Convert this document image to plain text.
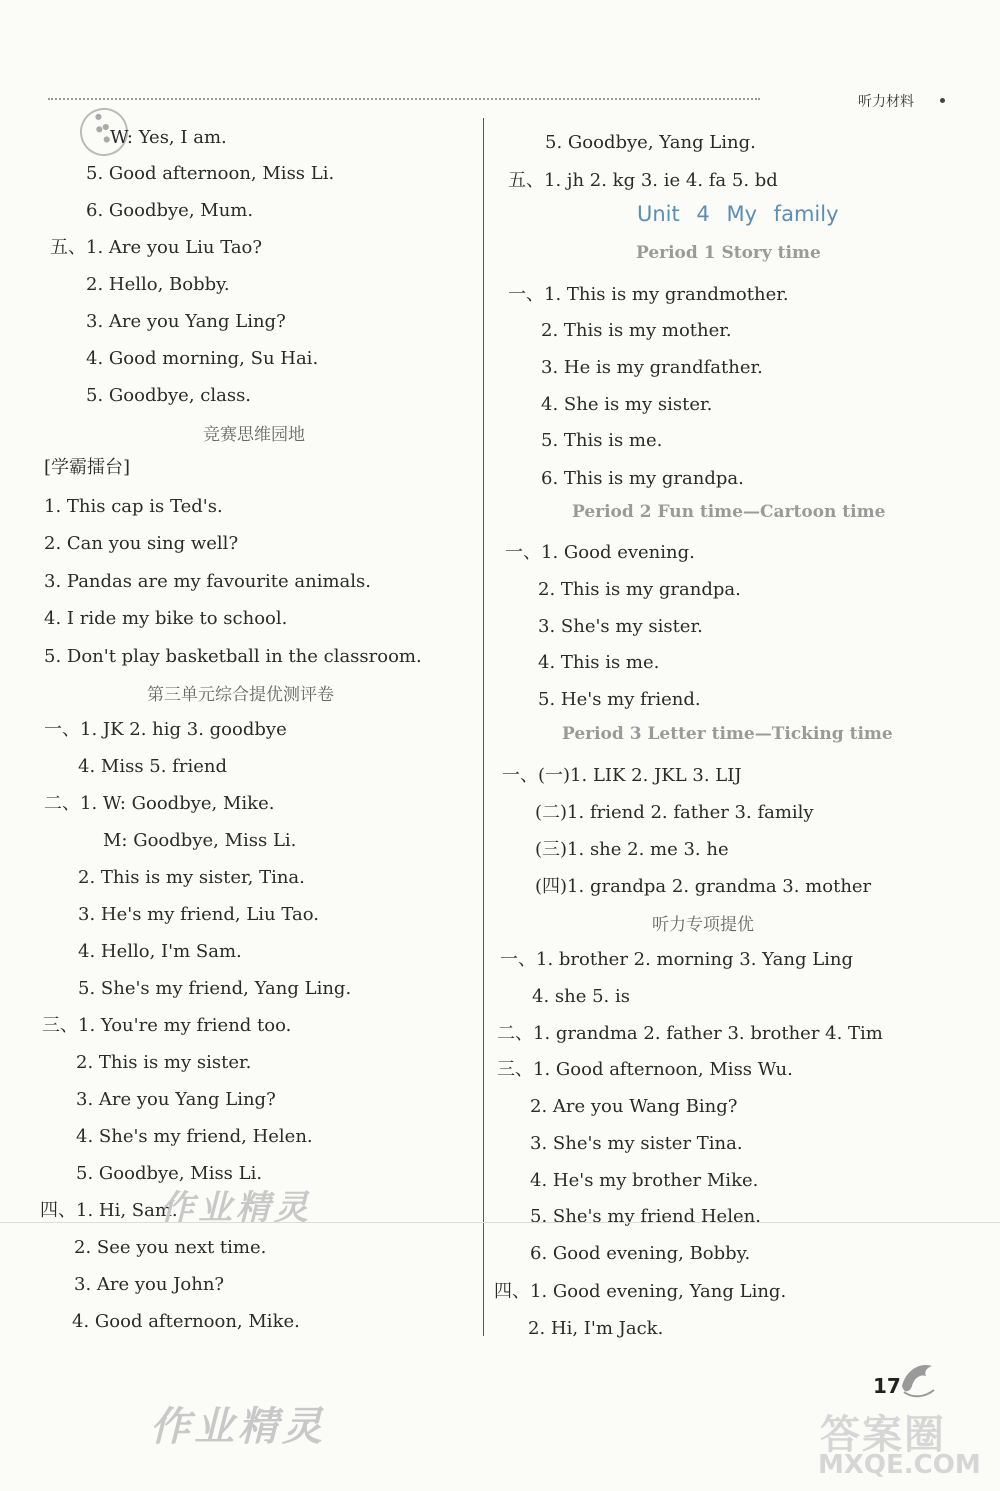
听力材料
●
●●
●
W: Yes, I am.
5. Good afternoon, Miss Li.
6. Goodbye, Mum.
五、1. Are you Liu Tao?
2. Hello, Bobby.
3. Are you Yang Ling?
4. Good morning, Su Hai.
5. Goodbye, class.
竞赛思维园地
[学霸擂台]
1. This cap is Ted's.
2. Can you sing well?
3. Pandas are my favourite animals.
4. I ride my bike to school.
5. Don't play basketball in the classroom.
第三单元综合提优测评卷
一、1. JK 2. hig 3. goodbye
4. Miss 5. friend
二、1. W: Goodbye, Mike.
M: Goodbye, Miss Li.
2. This is my sister, Tina.
3. He's my friend, Liu Tao.
4. Hello, I'm Sam.
5. She's my friend, Yang Ling.
三、1. You're my friend too.
2. This is my sister.
3. Are you Yang Ling?
4. She's my friend, Helen.
5. Goodbye, Miss Li.
四、1. Hi, Sam.
2. See you next time.
3. Are you John?
4. Good afternoon, Mike.
5. Goodbye, Yang Ling.
五、1. jh 2. kg 3. ie 4. fa 5. bd
Unit 4 My family
Period 1 Story time
一、1. This is my grandmother.
2. This is my mother.
3. He is my grandfather.
4. She is my sister.
5. This is me.
6. This is my grandpa.
Period 2 Fun time—Cartoon time
一、1. Good evening.
2. This is my grandpa.
3. She's my sister.
4. This is me.
5. He's my friend.
Period 3 Letter time—Ticking time
一、(一)1. LIK 2. JKL 3. LIJ
(二)1. friend 2. father 3. family
(三)1. she 2. me 3. he
(四)1. grandpa 2. grandma 3. mother
听力专项提优
一、1. brother 2. morning 3. Yang Ling
4. she 5. is
二、1. grandma 2. father 3. brother 4. Tim
三、1. Good afternoon, Miss Wu.
2. Are you Wang Bing?
3. She's my sister Tina.
4. He's my brother Mike.
5. She's my friend Helen.
6. Good evening, Bobby.
四、1. Good evening, Yang Ling.
2. Hi, I'm Jack.
作业精灵
作业精灵
17
答案圈
MXQE.COM
